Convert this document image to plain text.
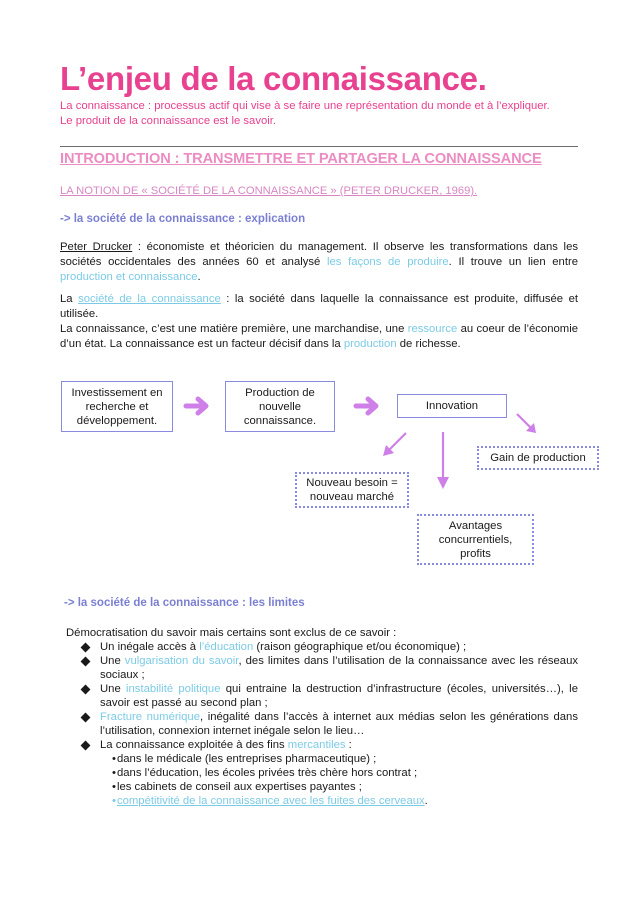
L’enjeu de la connaissance.
La connaissance : processus actif qui vise à se faire une représentation du monde et à l’expliquer.
Le produit de la connaissance est le savoir.
INTRODUCTION : TRANSMETTRE ET PARTAGER LA CONNAISSANCE
LA NOTION DE « SOCIÉTÉ DE LA CONNAISSANCE » (PETER DRUCKER, 1969).
-> la société de la connaissance : explication
Peter Drucker : économiste et théoricien du management. Il observe les transformations dans les sociétés occidentales des années 60 et analysé les façons de produire. Il trouve un lien entre production et connaissance.
La société de la connaissance : la société dans laquelle la connaissance est produite, diffusée et utilisée.
La connaissance, c’est une matière première, une marchandise, une ressource au coeur de l’économie d’un état. La connaissance est un facteur décisif dans la production de richesse.
Investissement en
recherche et
développement.
Production de
nouvelle
connaissance.
Innovation
Gain de production
Nouveau besoin =
nouveau marché
Avantages
concurrentiels,
profits
-> la société de la connaissance : les limites
Démocratisation du savoir mais certains sont exclus de ce savoir :
Un inégale accès à l’éducation (raison géographique et/ou économique) ;
Une vulgarisation du savoir, des limites dans l’utilisation de la connaissance avec les réseaux sociaux ;
Une instabilité politique qui entraine la destruction d’infrastructure (écoles, universités…), le savoir est passé au second plan ;
Fracture numérique, inégalité dans l’accès à internet aux médias selon les générations dans l’utilisation, connexion internet inégale selon le lieu…
La connaissance exploitée à des fins mercantiles :
•dans le médicale (les entreprises pharmaceutique) ;
•dans l’éducation, les écoles privées très chère hors contrat ;
•les cabinets de conseil aux expertises payantes ;
•compétitivité de la connaissance avec les fuites des cerveaux.
